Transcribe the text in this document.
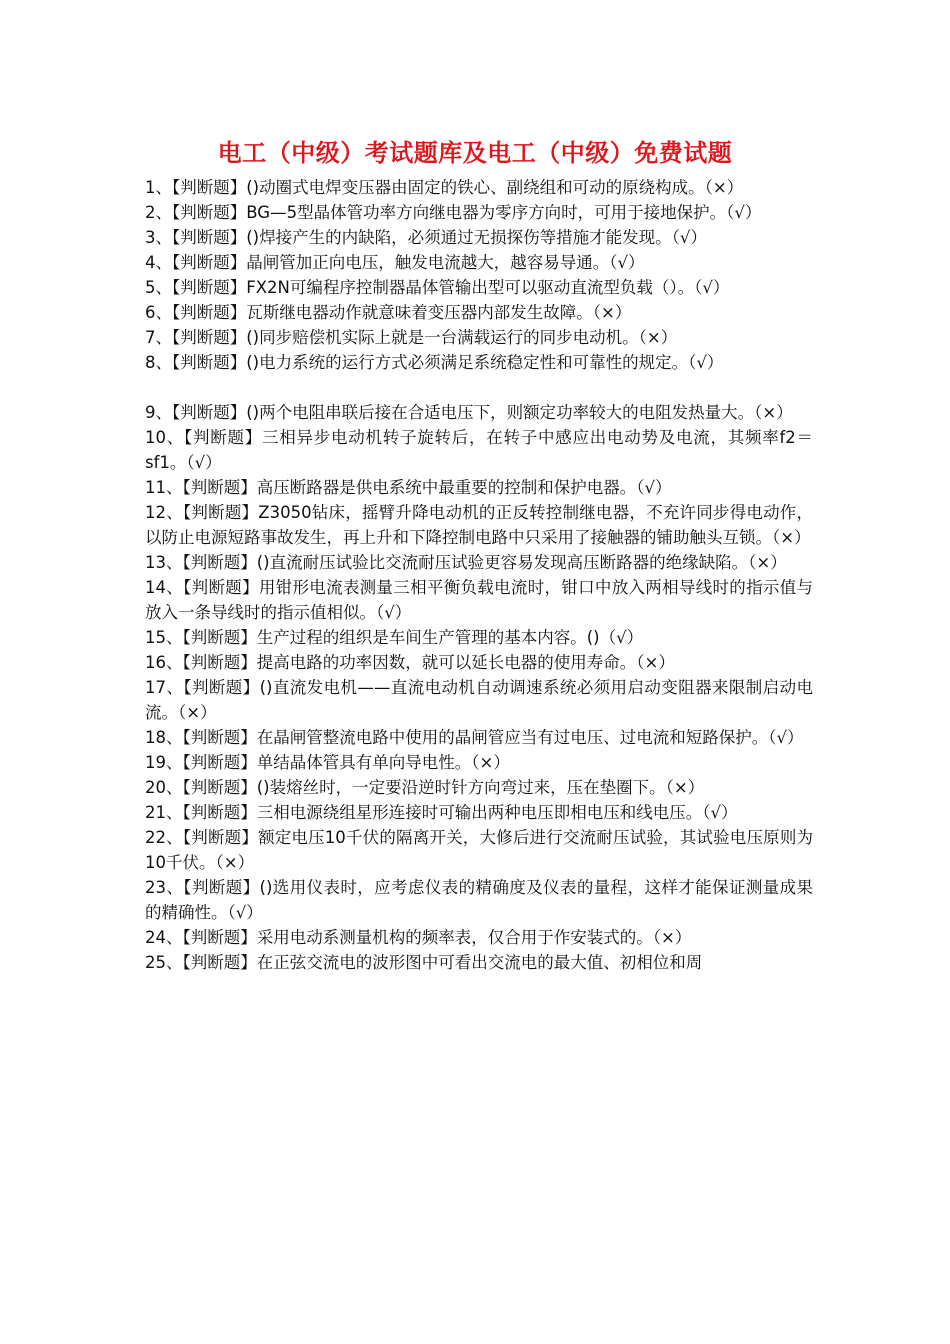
电工（中级）考试题库及电工（中级）免费试题
1、【判断题】()动圈式电焊变压器由固定的铁心、副绕组和可动的原绕构成。（×）
2、【判断题】BG—5型晶体管功率方向继电器为零序方向时，可用于接地保护。（√）
3、【判断题】()焊接产生的内缺陷，必须通过无损探伤等措施才能发现。（√）
4、【判断题】晶闸管加正向电压，触发电流越大，越容易导通。（√）
5、【判断题】FX2N可编程序控制器晶体管输出型可以驱动直流型负载（）。（√）
6、【判断题】瓦斯继电器动作就意味着变压器内部发生故障。（×）
7、【判断题】()同步赔偿机实际上就是一台满载运行的同步电动机。（×）
8、【判断题】()电力系统的运行方式必须满足系统稳定性和可靠性的规定。（√）
9、【判断题】()两个电阻串联后接在合适电压下，则额定功率较大的电阻发热量大。（×）
10、【判断题】三相异步电动机转子旋转后，在转子中感应出电动势及电流，其频率f2＝sf1。（√）
11、【判断题】高压断路器是供电系统中最重要的控制和保护电器。（√）
12、【判断题】Z3050钻床，摇臂升降电动机的正反转控制继电器，不充许同步得电动作，以防止电源短路事故发生，再上升和下降控制电路中只采用了接触器的铺助触头互锁。（×）
13、【判断题】()直流耐压试验比交流耐压试验更容易发现高压断路器的绝缘缺陷。（×）
14、【判断题】用钳形电流表测量三相平衡负载电流时，钳口中放入两相导线时的指示值与放入一条导线时的指示值相似。（√）
15、【判断题】生产过程的组织是车间生产管理的基本内容。()（√）
16、【判断题】提高电路的功率因数，就可以延长电器的使用寿命。（×）
17、【判断题】()直流发电机——直流电动机自动调速系统必须用启动变阻器来限制启动电流。（×）
18、【判断题】在晶闸管整流电路中使用的晶闸管应当有过电压、过电流和短路保护。（√）
19、【判断题】单结晶体管具有单向导电性。（×）
20、【判断题】()装熔丝时，一定要沿逆时针方向弯过来，压在垫圈下。（×）
21、【判断题】三相电源绕组星形连接时可输出两种电压即相电压和线电压。（√）
22、【判断题】额定电压10千伏的隔离开关，大修后进行交流耐压试验，其试验电压原则为10千伏。（×）
23、【判断题】()选用仪表时，应考虑仪表的精确度及仪表的量程，这样才能保证测量成果的精确性。（√）
24、【判断题】采用电动系测量机构的频率表，仅合用于作安装式的。（×）
25、【判断题】在正弦交流电的波形图中可看出交流电的最大值、初相位和周
